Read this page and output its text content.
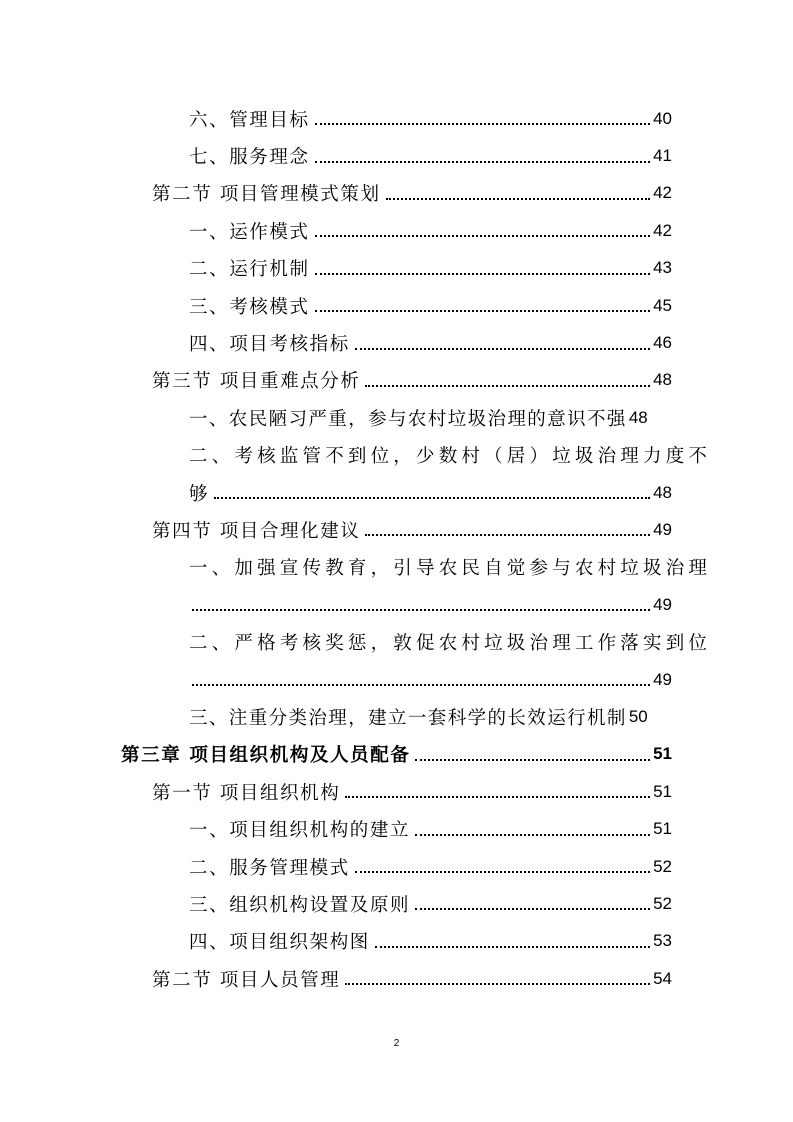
六、管理目标	40
七、服务理念	41
第二节 项目管理模式策划	42
一、运作模式	42
二、运行机制	43
三、考核模式	45
四、项目考核指标	46
第三节 项目重难点分析	48
一、农民陋习严重，参与农村垃圾治理的意识不强 48
二、考核监管不到位，少数村（居）垃圾治理力度不
够	48
第四节 项目合理化建议	49
一、加强宣传教育，引导农民自觉参与农村垃圾治理
49
二、严格考核奖惩，敦促农村垃圾治理工作落实到位
49
三、注重分类治理，建立一套科学的长效运行机制 50
第三章 项目组织机构及人员配备	51
第一节 项目组织机构	51
一、项目组织机构的建立	51
二、服务管理模式	52
三、组织机构设置及原则	52
四、项目组织架构图	53
第二节 项目人员管理	54
2
